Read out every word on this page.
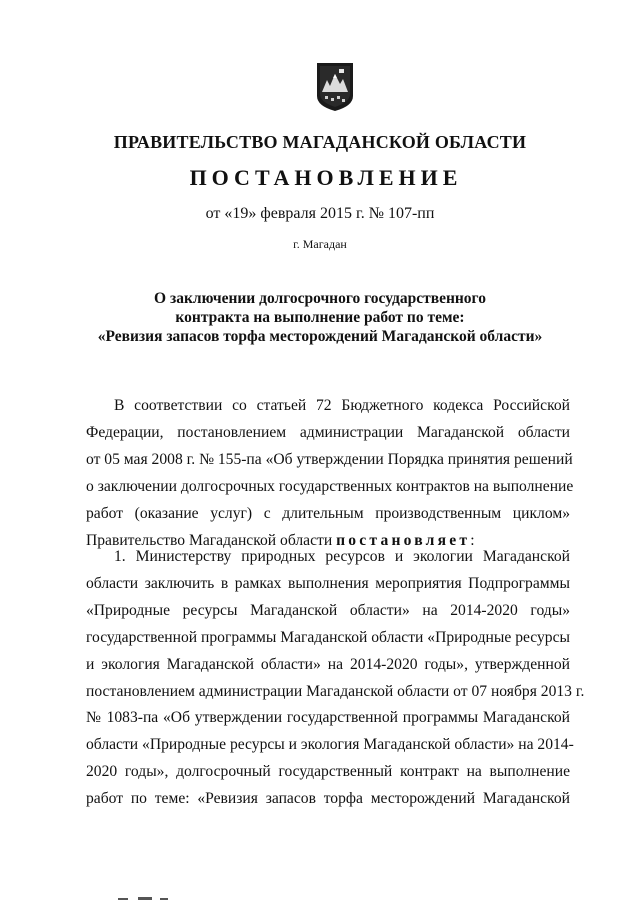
ПРАВИТЕЛЬСТВО МАГАДАНСКОЙ ОБЛАСТИ
ПОСТАНОВЛЕНИЕ
от «19» февраля 2015 г. № 107-пп
г. Магадан
О заключении долгосрочного государственного
контракта на выполнение работ по теме:
«Ревизия запасов торфа месторождений Магаданской области»
В соответствии со статьей 72 Бюджетного кодекса Российской
Федерации, постановлением администрации Магаданской области
от 05 мая 2008 г. № 155-па «Об утверждении Порядка принятия решений
о заключении долгосрочных государственных контрактов на выполнение
работ (оказание услуг) с длительным производственным циклом»
Правительство Магаданской области постановляет:
1. Министерству природных ресурсов и экологии Магаданской
области заключить в рамках выполнения мероприятия Подпрограммы
«Природные ресурсы Магаданской области» на 2014-2020 годы»
государственной программы Магаданской области «Природные ресурсы
и экология Магаданской области» на 2014-2020 годы», утвержденной
постановлением администрации Магаданской области от 07 ноября 2013 г.
№ 1083-па «Об утверждении государственной программы Магаданской
области «Природные ресурсы и экология Магаданской области» на 2014-
2020 годы», долгосрочный государственный контракт на выполнение
работ по теме: «Ревизия запасов торфа месторождений Магаданской
